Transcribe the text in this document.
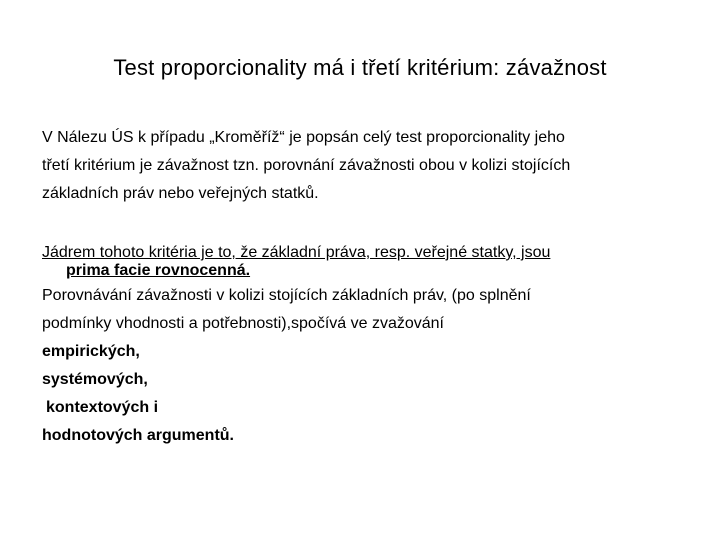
Test proporcionality má i třetí kritérium: závažnost
V Nálezu ÚS k případu „Kroměříž“ je popsán celý test proporcionality jeho
třetí kritérium je závažnost tzn. porovnání závažnosti obou v kolizi stojících
základních práv nebo veřejných statků.
Jádrem tohoto kritéria je to, že základní práva, resp. veřejné statky, jsou
prima facie rovnocenná.
Porovnávání závažnosti v kolizi stojících základních práv, (po splnění
podmínky vhodnosti a potřebnosti),spočívá ve zvažování
empirických,
systémových,
kontextových i
hodnotových argumentů.
